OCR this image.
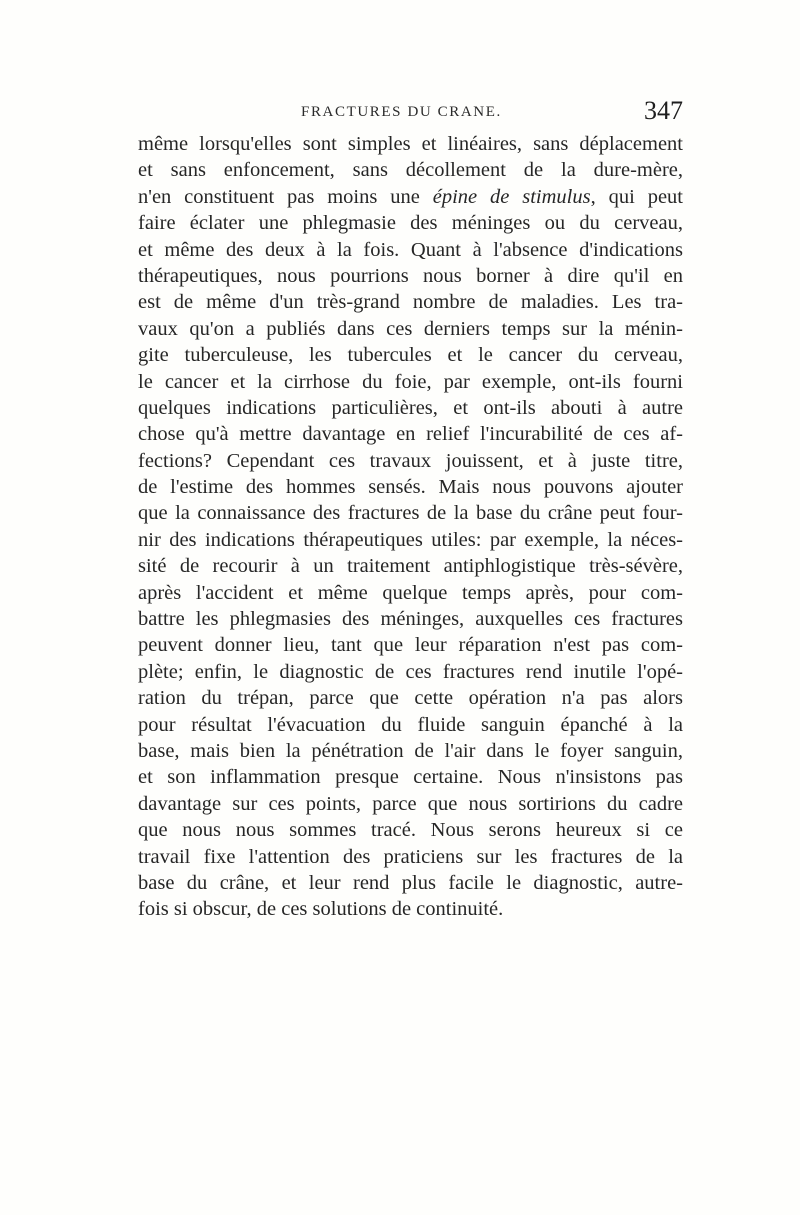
FRACTURES DU CRANE.	347
même lorsqu'elles sont simples et linéaires, sans déplacement
et sans enfoncement, sans décollement de la dure-mère,
n'en constituent pas moins une épine de stimulus, qui peut
faire éclater une phlegmasie des méninges ou du cerveau,
et même des deux à la fois. Quant à l'absence d'indications
thérapeutiques, nous pourrions nous borner à dire qu'il en
est de même d'un très-grand nombre de maladies. Les tra-
vaux qu'on a publiés dans ces derniers temps sur la ménin-
gite tuberculeuse, les tubercules et le cancer du cerveau,
le cancer et la cirrhose du foie, par exemple, ont-ils fourni
quelques indications particulières, et ont-ils abouti à autre
chose qu'à mettre davantage en relief l'incurabilité de ces af-
fections? Cependant ces travaux jouissent, et à juste titre,
de l'estime des hommes sensés. Mais nous pouvons ajouter
que la connaissance des fractures de la base du crâne peut four-
nir des indications thérapeutiques utiles: par exemple, la néces-
sité de recourir à un traitement antiphlogistique très-sévère,
après l'accident et même quelque temps après, pour com-
battre les phlegmasies des méninges, auxquelles ces fractures
peuvent donner lieu, tant que leur réparation n'est pas com-
plète; enfin, le diagnostic de ces fractures rend inutile l'opé-
ration du trépan, parce que cette opération n'a pas alors
pour résultat l'évacuation du fluide sanguin épanché à la
base, mais bien la pénétration de l'air dans le foyer sanguin,
et son inflammation presque certaine. Nous n'insistons pas
davantage sur ces points, parce que nous sortirions du cadre
que nous nous sommes tracé. Nous serons heureux si ce
travail fixe l'attention des praticiens sur les fractures de la
base du crâne, et leur rend plus facile le diagnostic, autre-
fois si obscur, de ces solutions de continuité.
